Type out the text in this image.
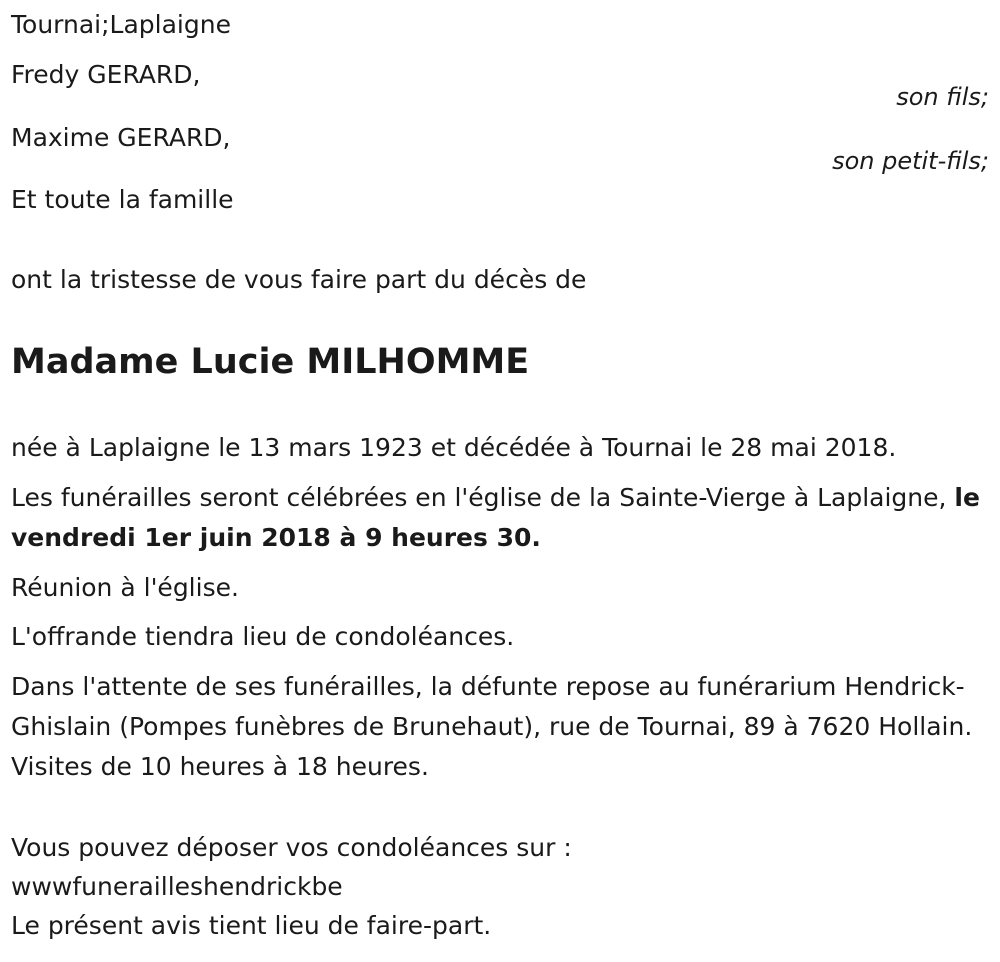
Tournai;Laplaigne
Fredy GERARD,
son fils;
Maxime GERARD,
son petit-fils;
Et toute la famille
ont la tristesse de vous faire part du décès de
Madame Lucie MILHOMME
née à Laplaigne le 13 mars 1923 et décédée à Tournai le 28 mai 2018.
Les funérailles seront célébrées en l'église de la Sainte-Vierge à Laplaigne, le vendredi 1er juin 2018 à 9 heures 30.
Réunion à l'église.
L'offrande tiendra lieu de condoléances.
Dans l'attente de ses funérailles, la défunte repose au funérarium Hendrick-Ghislain (Pompes funèbres de Brunehaut), rue de Tournai, 89 à 7620 Hollain. Visites de 10 heures à 18 heures.
Vous pouvez déposer vos condoléances sur :
wwwfunerailleshendrickbe
Le présent avis tient lieu de faire-part.
